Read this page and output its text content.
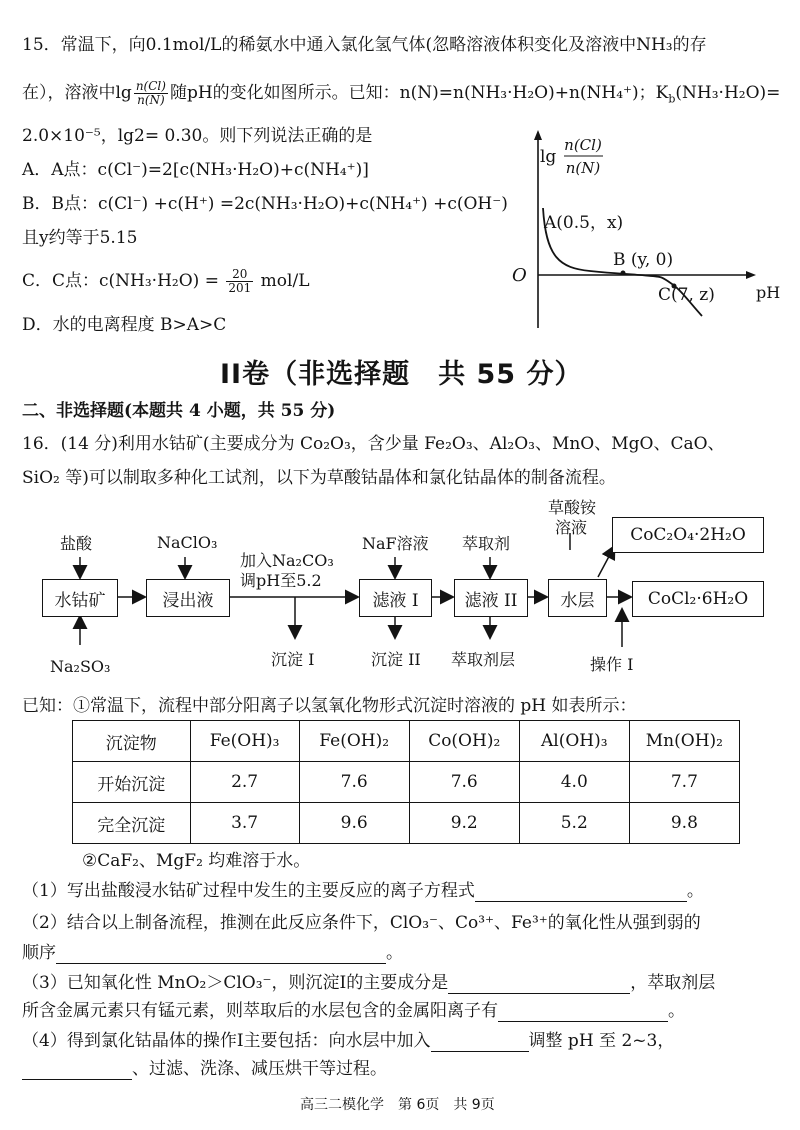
15．常温下，向0.1mol/L的稀氨水中通入氯化氢气体(忽略溶液体积变化及溶液中NH₃的存
在），溶液中$\lg \frac{n(Cl)}{n(N)}$ 随pH的变化如图所示。已知：n(N)=n(NH₃·H₂O)+n(NH₄⁺)；$K_b(NH_3\cdot H_2O)=$
2.0×10⁻⁵，lg2= 0.30。则下列说法正确的是
A．A点：c(Cl⁻)=2[c(NH₃·H₂O)+c(NH₄⁺)]
B．B点：c(Cl⁻) +c(H⁺) =2c(NH₃·H₂O)+c(NH₄⁺) +c(OH⁻)
且y约等于5.15
C．C点：$c(NH_3\cdot H_2O) = \frac{20}{201} mol/L$
D．水的电离程度 B>A>C
lg
n(Cl)
n(N)
O
pH
A(0.5，x)
B (y, 0)
C(7, z)
II卷（非选择题　共 55 分）
二、非选择题(本题共 4 小题，共 55 分)
16．(14 分)利用水钴矿(主要成分为 Co₂O₃，含少量 Fe₂O₃、Al₂O₃、MnO、MgO、CaO、
SiO₂ 等)可以制取多种化工试剂，以下为草酸钴晶体和氯化钴晶体的制备流程。
盐酸	NaClO₃
加入Na₂CO₃
调pH至5.2
NaF溶液 萃取剂
草酸铵
溶液
Na₂SO₃
水钴矿	浸出液	滤液 I	滤液 II	水层
CoC₂O₄·2H₂O
CoCl₂·6H₂O
沉淀 I	沉淀 II 萃取剂层	操作 I
已知：①常温下，流程中部分阳离子以氢氧化物形式沉淀时溶液的 pH 如表所示：
沉淀物	Fe(OH)₃	Fe(OH)₂	Co(OH)₂	Al(OH)₃	Mn(OH)₂
开始沉淀	2.7	7.6	7.6	4.0	7.7
完全沉淀	3.7	9.6	9.2	5.2	9.8
②CaF₂、MgF₂ 均难溶于水。
（1）写出盐酸浸水钴矿过程中发生的主要反应的离子方程式	。
（2）结合以上制备流程，推测在此反应条件下，ClO₃⁻、Co³⁺、Fe³⁺的氧化性从强到弱的
顺序	。
（3）已知氧化性 MnO₂＞ClO₃⁻，则沉淀I的主要成分是	，萃取剂层
所含金属元素只有锰元素，则萃取后的水层包含的金属阳离子有	。
（4）得到氯化钴晶体的操作I主要包括：向水层中加入	调整 pH 至 2~3，
、过滤、洗涤、减压烘干等过程。
高三二模化学　第 6页　共 9页
